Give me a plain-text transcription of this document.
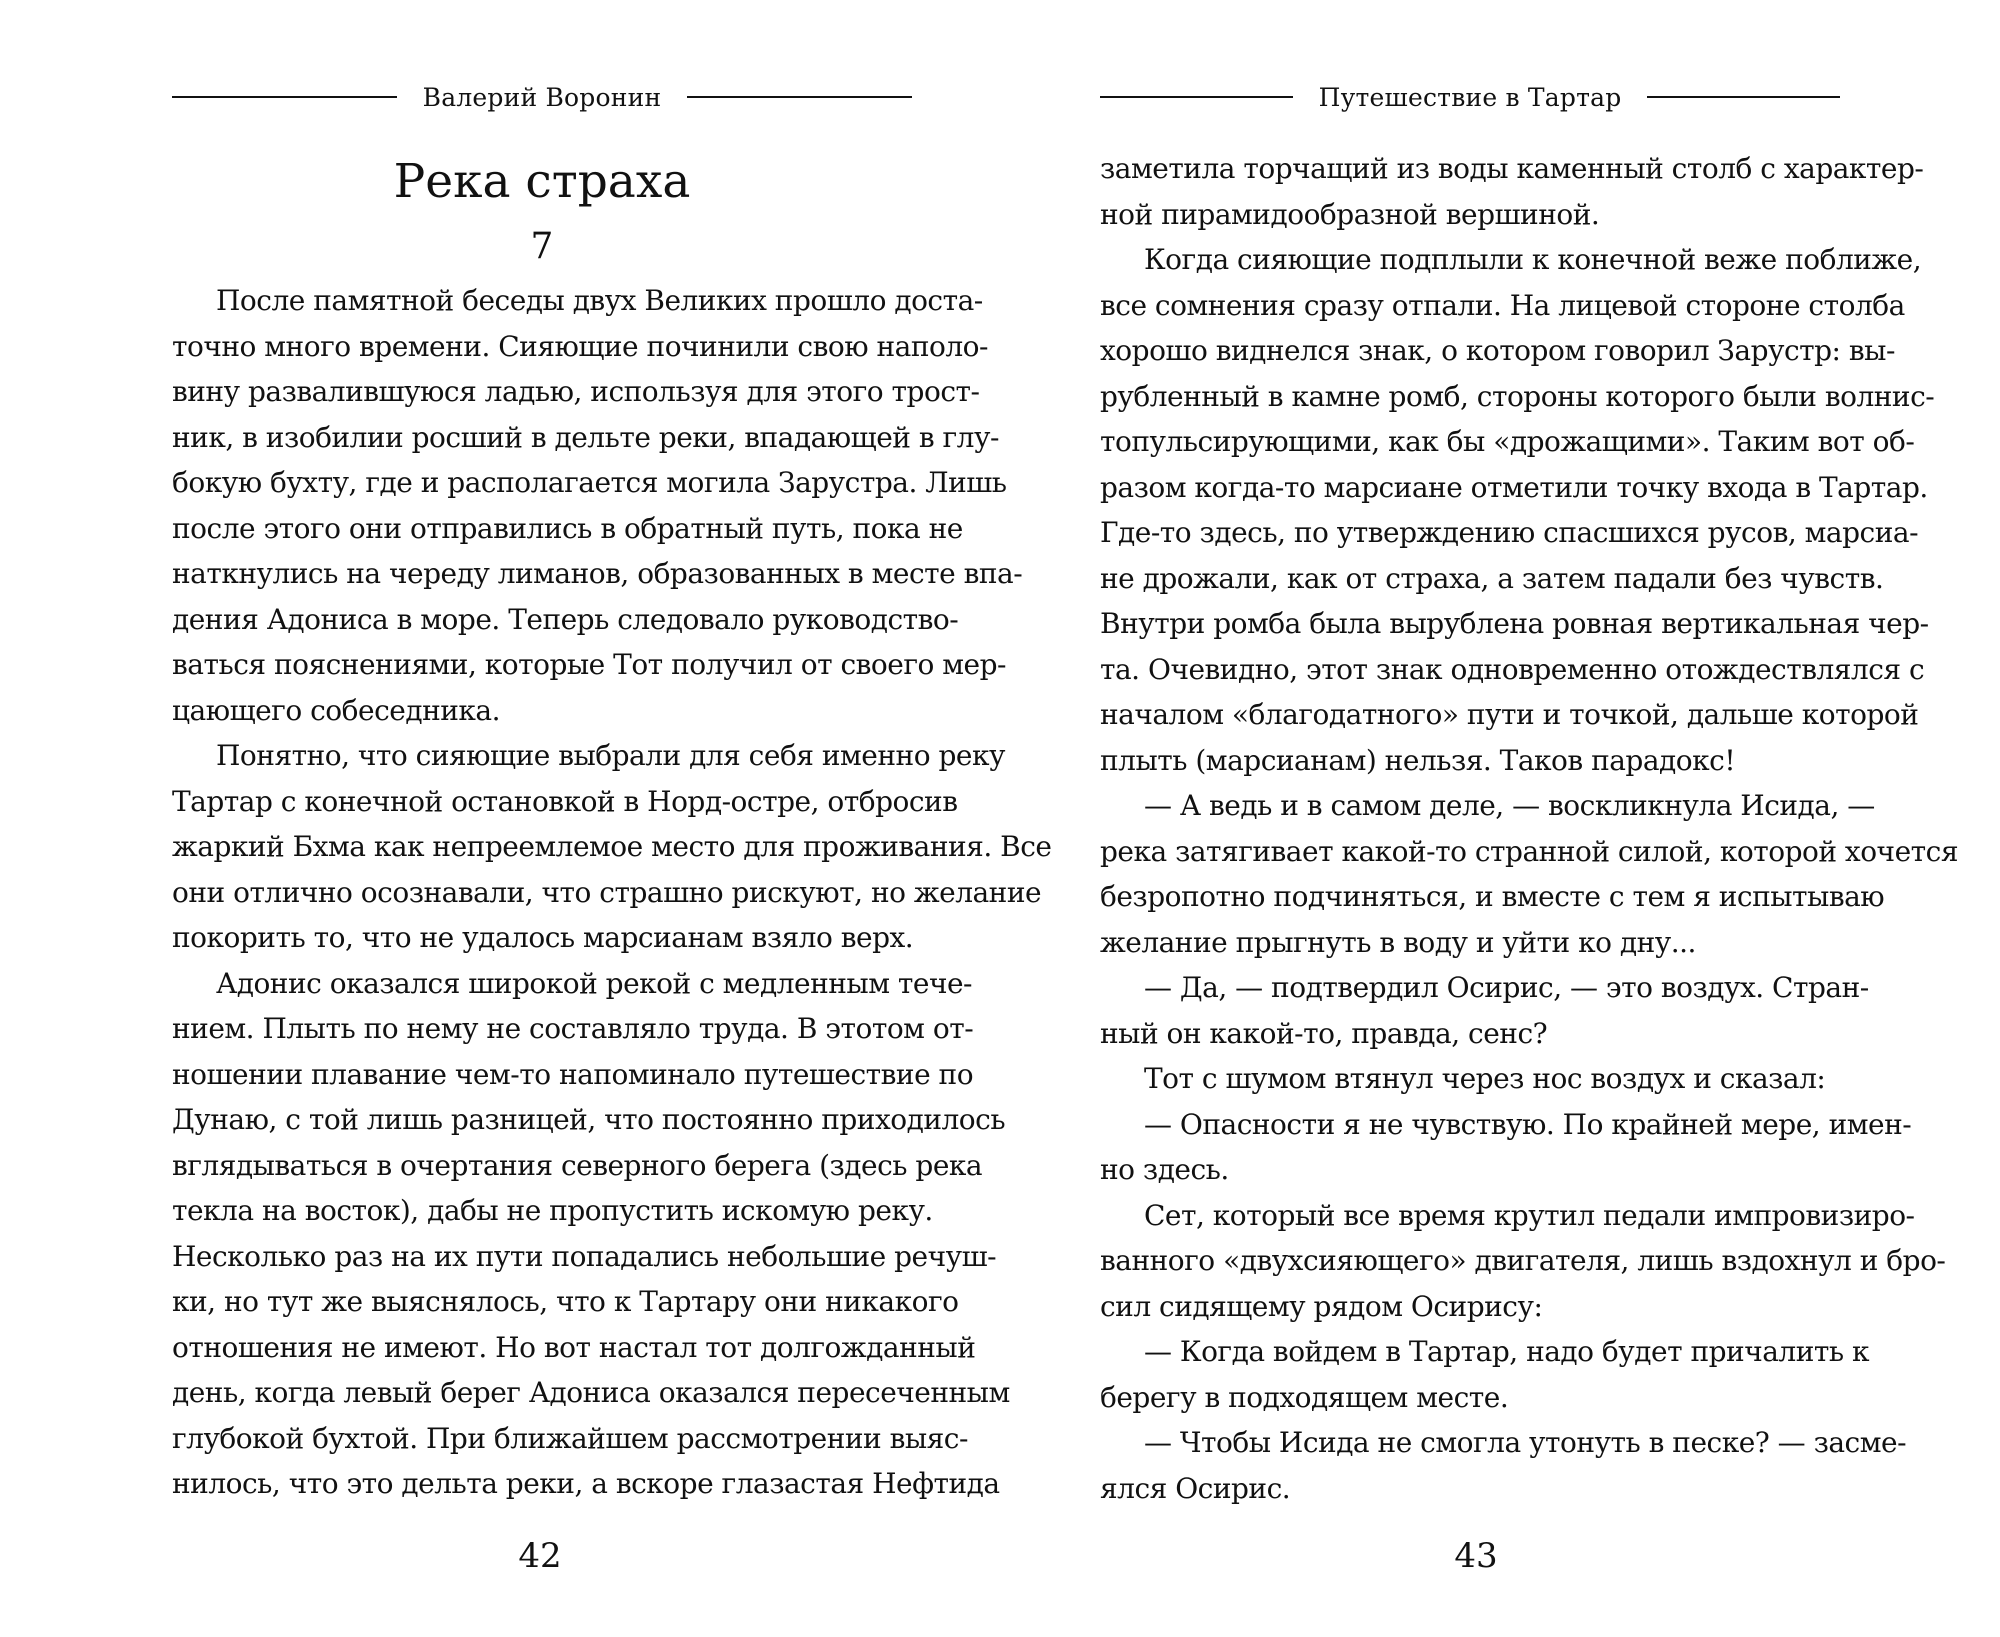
Валерий Воронин
Река страха
7
После памятной беседы двух Великих прошло доста-
точно много времени. Сияющие починили свою наполо-
вину развалившуюся ладью, используя для этого трост-
ник, в изобилии росший в дельте реки, впадающей в глу-
бокую бухту, где и располагается могила Зарустра. Лишь
после этого они отправились в обратный путь, пока не
наткнулись на череду лиманов, образованных в месте впа-
дения Адониса в море. Теперь следовало руководство-
ваться пояснениями, которые Тот получил от своего мер-
цающего собеседника.
Понятно, что сияющие выбрали для себя именно реку
Тартар с конечной остановкой в Норд-остре, отбросив
жаркий Бхма как непреемлемое место для проживания. Все
они отлично осознавали, что страшно рискуют, но желание
покорить то, что не удалось марсианам взяло верх.
Адонис оказался широкой рекой с медленным тече-
нием. Плыть по нему не составляло труда. В этотом от-
ношении плавание чем-то напоминало путешествие по
Дунаю, с той лишь разницей, что постоянно приходилось
вглядываться в очертания северного берега (здесь река
текла на восток), дабы не пропустить искомую реку.
Несколько раз на их пути попадались небольшие речуш-
ки, но тут же выяснялось, что к Тартару они никакого
отношения не имеют. Но вот настал тот долгожданный
день, когда левый берег Адониса оказался пересеченным
глубокой бухтой. При ближайшем рассмотрении выяс-
нилось, что это дельта реки, а вскоре глазастая Нефтида
42
Путешествие в Тартар
заметила торчащий из воды каменный столб с характер-
ной пирамидообразной вершиной.
Когда сияющие подплыли к конечной веже поближе,
все сомнения сразу отпали. На лицевой стороне столба
хорошо виднелся знак, о котором говорил Зарустр: вы-
рубленный в камне ромб, стороны которого были волнис-
топульсирующими, как бы «дрожащими». Таким вот об-
разом когда-то марсиане отметили точку входа в Тартар.
Где-то здесь, по утверждению спасшихся русов, марсиа-
не дрожали, как от страха, а затем падали без чувств.
Внутри ромба была вырублена ровная вертикальная чер-
та. Очевидно, этот знак одновременно отождествлялся с
началом «благодатного» пути и точкой, дальше которой
плыть (марсианам) нельзя. Таков парадокс!
— А ведь и в самом деле, — воскликнула Исида, —
река затягивает какой-то странной силой, которой хочется
безропотно подчиняться, и вместе с тем я испытываю
желание прыгнуть в воду и уйти ко дну...
— Да, — подтвердил Осирис, — это воздух. Стран-
ный он какой-то, правда, сенс?
Тот с шумом втянул через нос воздух и сказал:
— Опасности я не чувствую. По крайней мере, имен-
но здесь.
Сет, который все время крутил педали импровизиро-
ванного «двухсияющего» двигателя, лишь вздохнул и бро-
сил сидящему рядом Осирису:
— Когда войдем в Тартар, надо будет причалить к
берегу в подходящем месте.
— Чтобы Исида не смогла утонуть в песке? — засме-
ялся Осирис.
43
